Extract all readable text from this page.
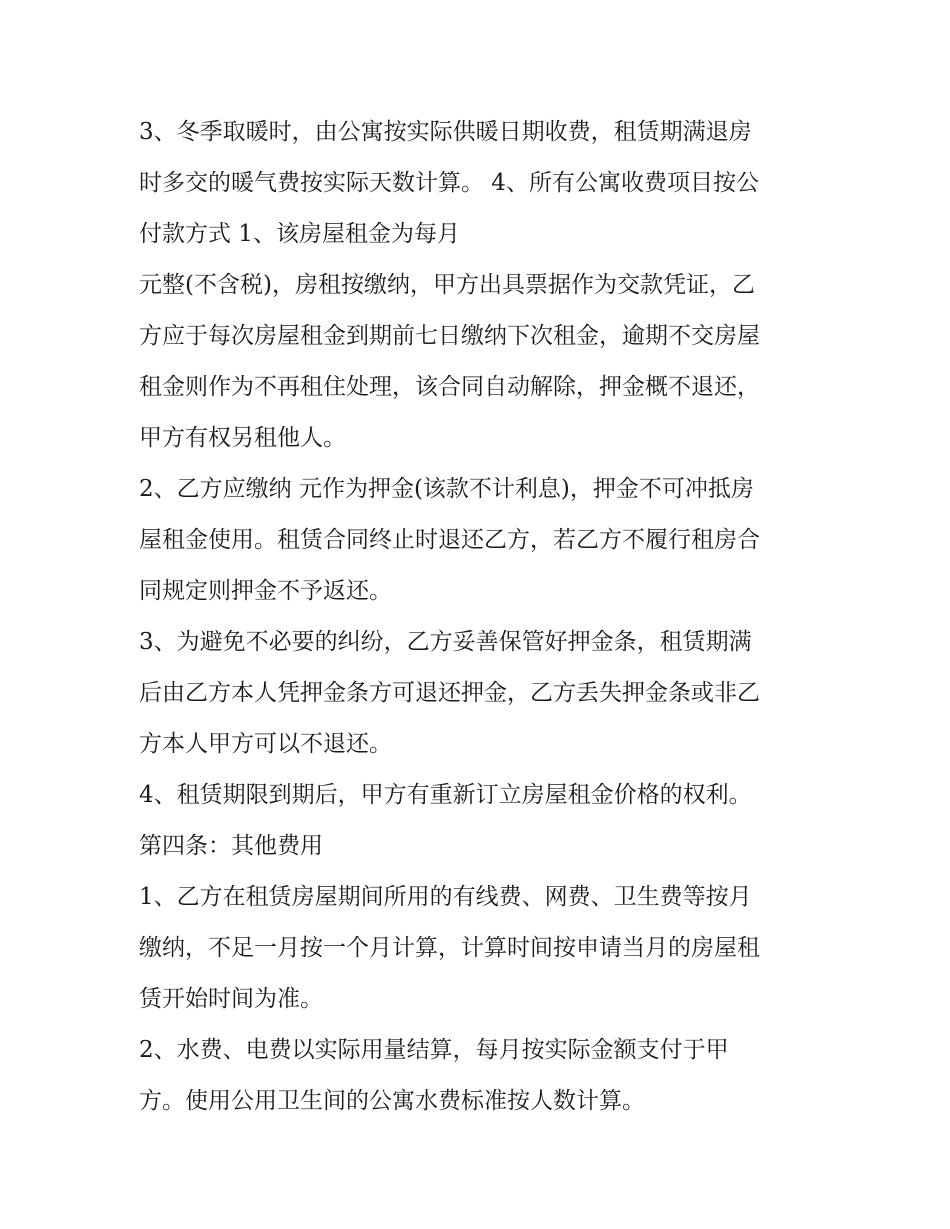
3、冬季取暖时，由公寓按实际供暖日期收费，租赁期满退房
时多交的暖气费按实际天数计算。 4、所有公寓收费项目按公
付款方式 1、该房屋租金为每月
元整(不含税)，房租按缴纳，甲方出具票据作为交款凭证，乙
方应于每次房屋租金到期前七日缴纳下次租金，逾期不交房屋
租金则作为不再租住处理，该合同自动解除，押金概不退还，
甲方有权另租他人。
2、乙方应缴纳 元作为押金(该款不计利息)，押金不可冲抵房
屋租金使用。租赁合同终止时退还乙方，若乙方不履行租房合
同规定则押金不予返还。
3、为避免不必要的纠纷，乙方妥善保管好押金条，租赁期满
后由乙方本人凭押金条方可退还押金，乙方丢失押金条或非乙
方本人甲方可以不退还。
4、租赁期限到期后，甲方有重新订立房屋租金价格的权利。
第四条：其他费用
1、乙方在租赁房屋期间所用的有线费、网费、卫生费等按月
缴纳，不足一月按一个月计算，计算时间按申请当月的房屋租
赁开始时间为准。
2、水费、电费以实际用量结算，每月按实际金额支付于甲
方。使用公用卫生间的公寓水费标准按人数计算。
